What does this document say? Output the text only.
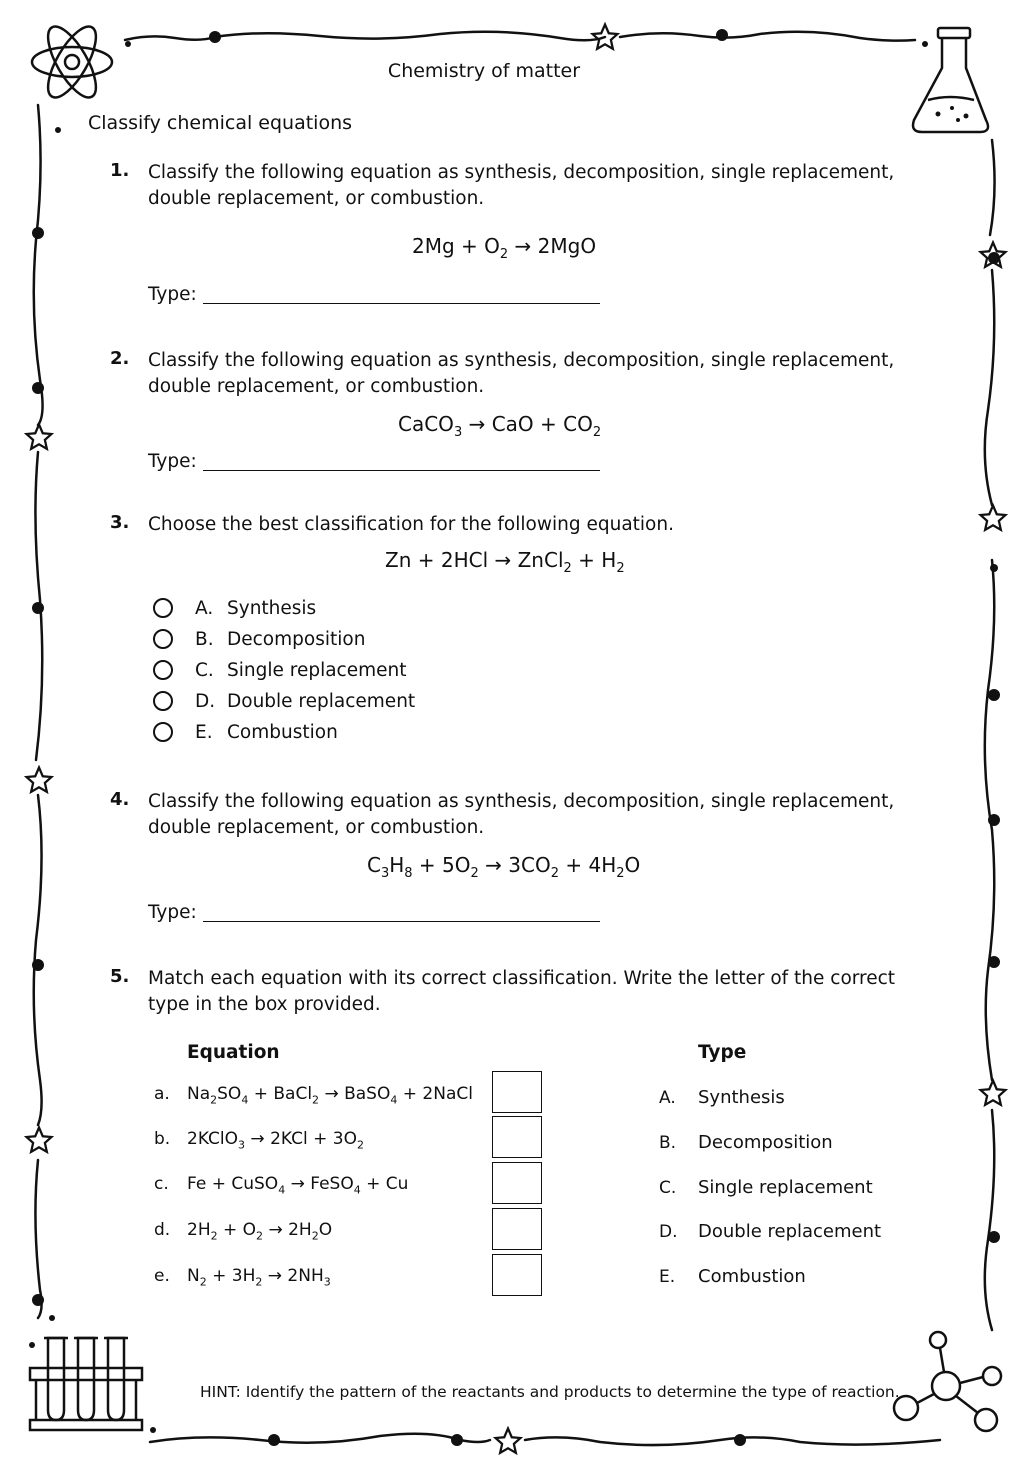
Chemistry of matter
Classify chemical equations
1. Classify the following equation as synthesis, decomposition, single replacement,
double replacement, or combustion.
$2Mg + O_2 \to 2MgO$
Type:
2. Classify the following equation as synthesis, decomposition, single replacement,
double replacement, or combustion.
CaCO$_3$ → CaO + $CO_2$
Type:
3. Choose the best classification for the following equation.
Zn + 2HCl → ZnCl$_2$ + $H_2$
A. Synthesis
B. Decomposition
C. Single replacement
D. Double replacement
E. Combustion
4. Classify the following equation as synthesis, decomposition, single replacement,
double replacement, or combustion.
$C_3H_8 + 5O_2 \to 3CO_2 + 4H_2O$
Type:
5. Match each equation with its correct classification. Write the letter of the correct
type in the box provided.
Equation	Type
a. $Na_2SO_4$ + BaCl$_2$ → BaSO$_4$ + 2NaCl
b. 2KClO$_3$ → $2KCl + 3O_2$
c. Fe + CuSO$_4$ → FeSO$_4$ + Cu
d. $2H_2 + O_2 \to 2H_2O$
e. $N_2 + 3H_2 \to 2NH_3$
A. Synthesis
B. Decomposition
C. Single replacement
D. Double replacement
E. Combustion
HINT: Identify the pattern of the reactants and products to determine the type of reaction.
